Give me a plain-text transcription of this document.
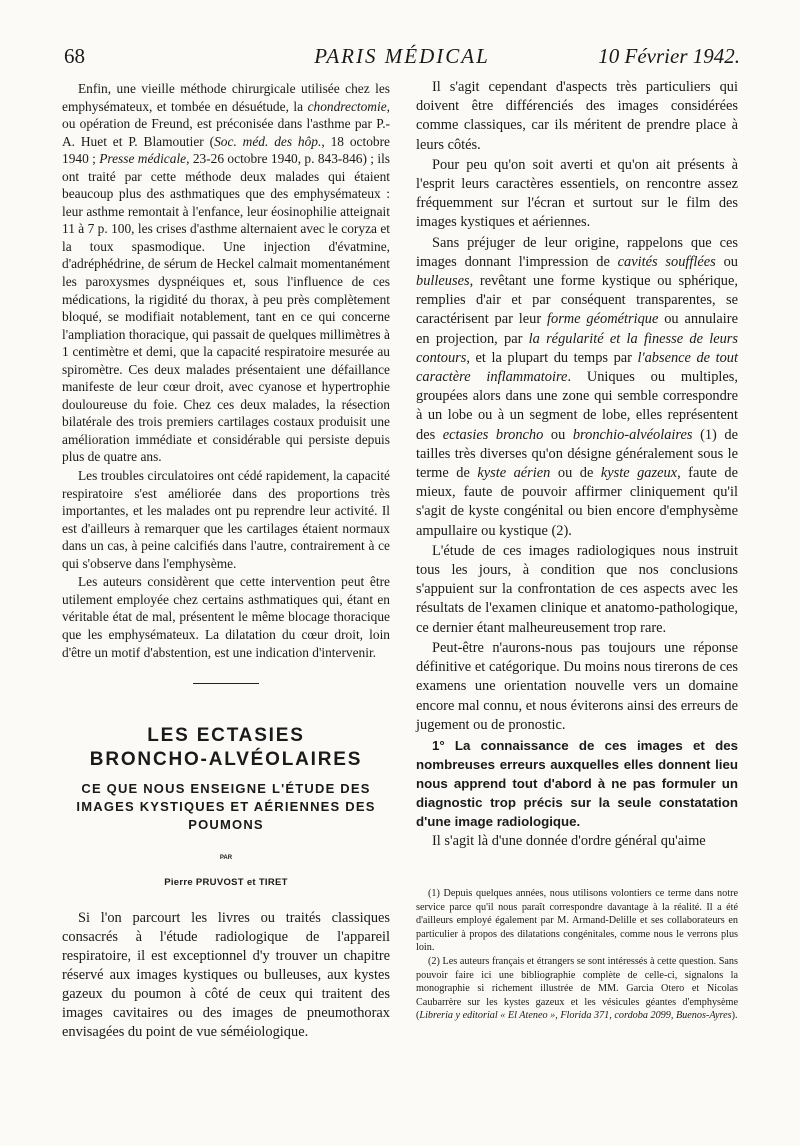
68	PARIS MÉDICAL	10 Février 1942.

Enfin, une vieille méthode chirurgicale utilisée chez les emphysémateux, et tombée en désuétude, la chondrectomie, ou opération de Freund, est préconisée dans l'asthme par P.-A. Huet et P. Blamoutier (Soc. méd. des hôp., 18 octobre 1940 ; Presse médicale, 23-26 octobre 1940, p. 843-846) ; ils ont traité par cette méthode deux malades qui étaient beaucoup plus des asthmatiques que des emphysémateux : leur asthme remontait à l'enfance, leur éosinophilie atteignait 11 à 7 p. 100, les crises d'asthme alternaient avec le coryza et la toux spasmodique. Une injection d'évatmine, d'adréphédrine, de sérum de Heckel calmait momentanément les paroxysmes dyspnéiques et, sous l'influence de ces médications, la rigidité du thorax, à peu près complètement bloqué, se modifiait notablement, tant en ce qui concerne l'ampliation thoracique, qui passait de quelques millimètres à 1 centimètre et demi, que la capacité respiratoire mesurée au spiromètre. Ces deux malades présentaient une défaillance manifeste de leur cœur droit, avec cyanose et hypertrophie douloureuse du foie. Chez ces deux malades, la résection bilatérale des trois premiers cartilages costaux produisit une amélioration immédiate et considérable qui persiste depuis plus de quatre ans.

Les troubles circulatoires ont cédé rapidement, la capacité respiratoire s'est améliorée dans des proportions très importantes, et les malades ont pu reprendre leur activité. Il est d'ailleurs à remarquer que les cartilages étaient normaux dans un cas, à peine calcifiés dans l'autre, contrairement à ce qui s'observe dans l'emphysème.

Les auteurs considèrent que cette intervention peut être utilement employée chez certains asthmatiques qui, étant en véritable état de mal, présentent le même blocage thoracique que les emphysémateux. La dilatation du cœur droit, loin d'être un motif d'abstention, est une indication d'intervenir.

LES ECTASIES
BRONCHO-ALVÉOLAIRES
CE QUE NOUS ENSEIGNE L'ÉTUDE DES IMAGES KYSTIQUES ET AÉRIENNES DES POUMONS
PAR
Pierre PRUVOST et TIRET

Si l'on parcourt les livres ou traités classiques consacrés à l'étude radiologique de l'appareil respiratoire, il est exceptionnel d'y trouver un chapitre réservé aux images kystiques ou bulleuses, aux kystes gazeux du poumon à côté de ceux qui traitent des images cavitaires ou des images de pneumothorax envisagées du point de vue séméiologique.

Il s'agit cependant d'aspects très particuliers qui doivent être différenciés des images considérées comme classiques, car ils méritent de prendre place à leurs côtés.

Pour peu qu'on soit averti et qu'on ait présents à l'esprit leurs caractères essentiels, on rencontre assez fréquemment sur l'écran et surtout sur le film des images kystiques et aériennes.

Sans préjuger de leur origine, rappelons que ces images donnant l'impression de cavités soufflées ou bulleuses, revêtant une forme kystique ou sphérique, remplies d'air et par conséquent transparentes, se caractérisent par leur forme géométrique ou annulaire en projection, par la régularité et la finesse de leurs contours, et la plupart du temps par l'absence de tout caractère inflammatoire. Uniques ou multiples, groupées alors dans une zone qui semble correspondre à un lobe ou à un segment de lobe, elles représentent des ectasies broncho ou bronchio-alvéolaires (1) de tailles très diverses qu'on désigne généralement sous le terme de kyste aérien ou de kyste gazeux, faute de mieux, faute de pouvoir affirmer cliniquement qu'il s'agit de kyste congénital ou bien encore d'emphysème ampullaire ou kystique (2).

L'étude de ces images radiologiques nous instruit tous les jours, à condition que nos conclusions s'appuient sur la confrontation de ces aspects avec les résultats de l'examen clinique et anatomo-pathologique, ce dernier étant malheureusement trop rare.

Peut-être n'aurons-nous pas toujours une réponse définitive et catégorique. Du moins nous tirerons de ces examens une orientation nouvelle vers un domaine encore mal connu, et nous éviterons ainsi des erreurs de jugement ou de pronostic.

1° La connaissance de ces images et des nombreuses erreurs auxquelles elles donnent lieu nous apprend tout d'abord à ne pas formuler un diagnostic trop précis sur la seule constatation d'une image radiologique.

Il s'agit là d'une donnée d'ordre général qu'aime

(1) Depuis quelques années, nous utilisons volontiers ce terme dans notre service parce qu'il nous paraît correspondre davantage à la réalité. Il a été d'ailleurs employé également par M. Armand-Delille et ses collaborateurs en particulier à propos des dilatations congénitales, comme nous le verrons plus loin.

(2) Les auteurs français et étrangers se sont intéressés à cette question. Sans pouvoir faire ici une bibliographie complète de celle-ci, signalons la monographie si richement illustrée de MM. Garcia Otero et Nicolas Caubarrère sur les kystes gazeux et les vésicules géantes d'emphysème (Libreria y editorial « El Ateneo », Florida 371, cordoba 2099, Buenos-Ayres).
